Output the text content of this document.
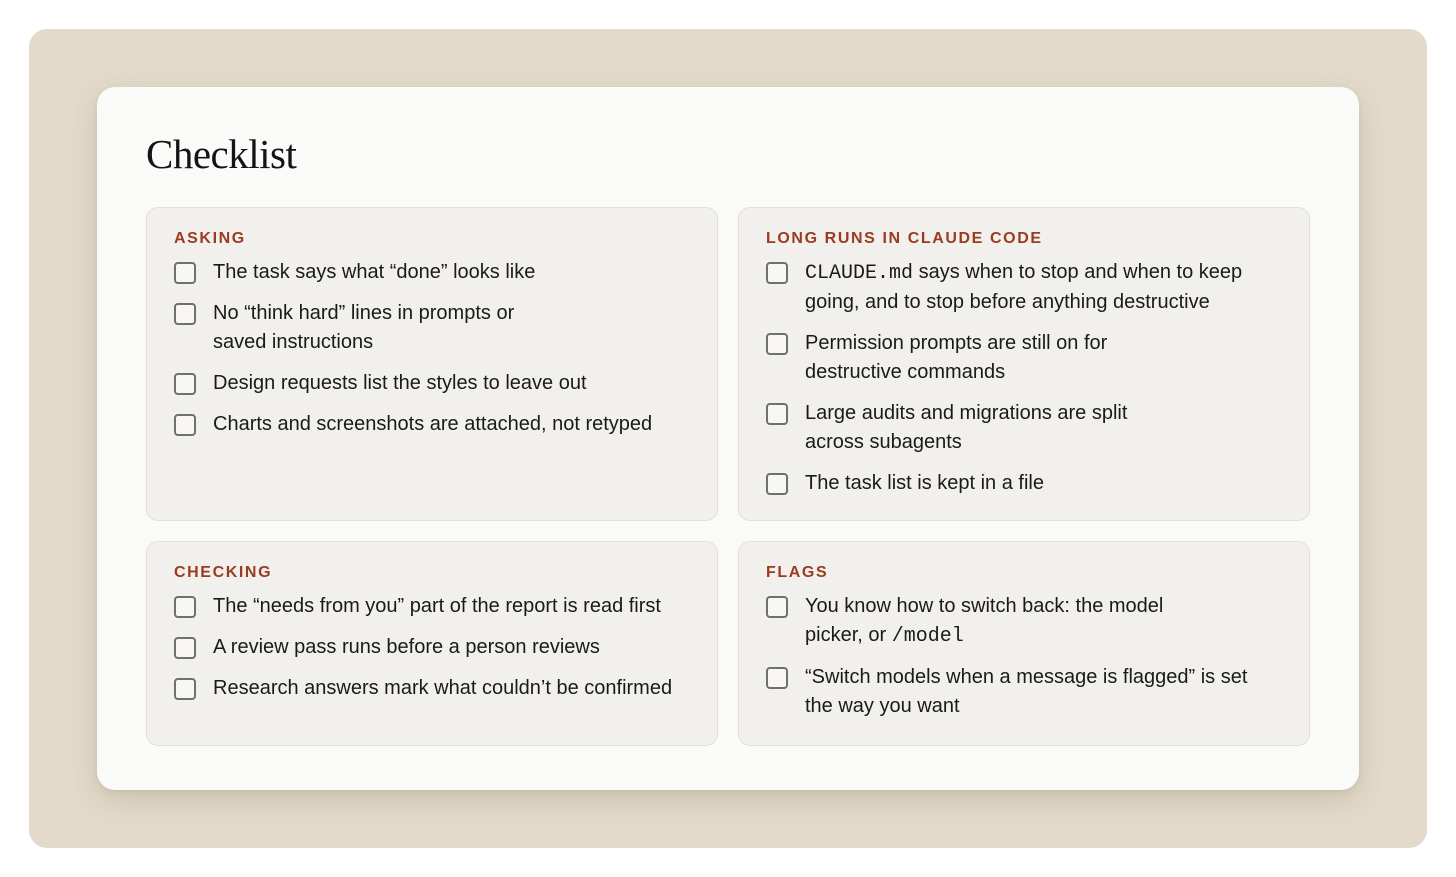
Checklist
ASKING
The task says what “done” looks like
No “think hard” lines in prompts or
saved instructions
Design requests list the styles to leave out
Charts and screenshots are attached, not retyped
LONG RUNS IN CLAUDE CODE
CLAUDE.md says when to stop and when to keep
going, and to stop before anything destructive
Permission prompts are still on for
destructive commands
Large audits and migrations are split
across subagents
The task list is kept in a file
CHECKING
The “needs from you” part of the report is read first
A review pass runs before a person reviews
Research answers mark what couldn’t be confirmed
FLAGS
You know how to switch back: the model
picker, or /model
“Switch models when a message is flagged” is set
the way you want
